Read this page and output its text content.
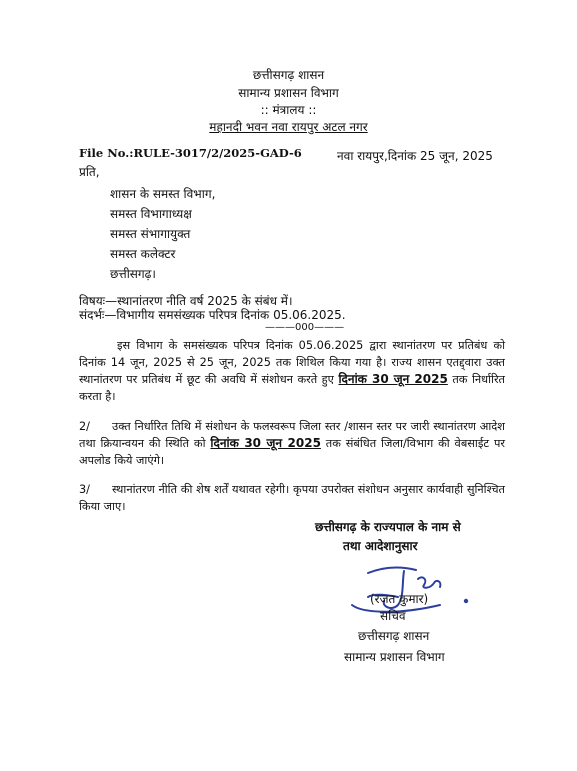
छत्तीसगढ़ शासन
सामान्य प्रशासन विभाग
:: मंत्रालय ::
महानदी भवन नवा रायपुर अटल नगर
File No.:RULE-3017/2/2025-GAD-6	नवा रायपुर,दिनांक 25 जून, 2025
प्रति,
शासन के समस्त विभाग,
समस्त विभागाध्यक्ष
समस्त संभागायुक्त
समस्त कलेक्टर
छत्तीसगढ़।
विषयः—स्थानांतरण नीति वर्ष 2025 के संबंध में।
संदर्भः—विभागीय समसंख्यक परिपत्र दिनांक 05.06.2025.
———000———
इस विभाग के समसंख्यक परिपत्र दिनांक 05.06.2025 द्वारा स्थानांतरण पर प्रतिबंध को दिनांक 14 जून, 2025 से 25 जून, 2025 तक शिथिल किया गया है। राज्य शासन एतद्द्वारा उक्त स्थानांतरण पर प्रतिबंध में छूट की अवधि में संशोधन करते हुए दिनांक 30 जून 2025 तक निर्धारित करता है।
2/ उक्त निर्धारित तिथि में संशोधन के फलस्वरूप जिला स्तर /शासन स्तर पर जारी स्थानांतरण आदेश तथा क्रियान्वयन की स्थिति को दिनांक 30 जून 2025 तक संबंधित जिला/विभाग की वेबसाईट पर अपलोड किये जाएंगे।
3/ स्थानांतरण नीति की शेष शर्तें यथावत रहेगी। कृपया उपरोक्त संशोधन अनुसार कार्यवाही सुनिश्चित किया जाए।
छत्तीसगढ़ के राज्यपाल के नाम से
तथा आदेशानुसार
(रजत कुमार)
सचिव
छत्तीसगढ़ शासन
सामान्य प्रशासन विभाग
